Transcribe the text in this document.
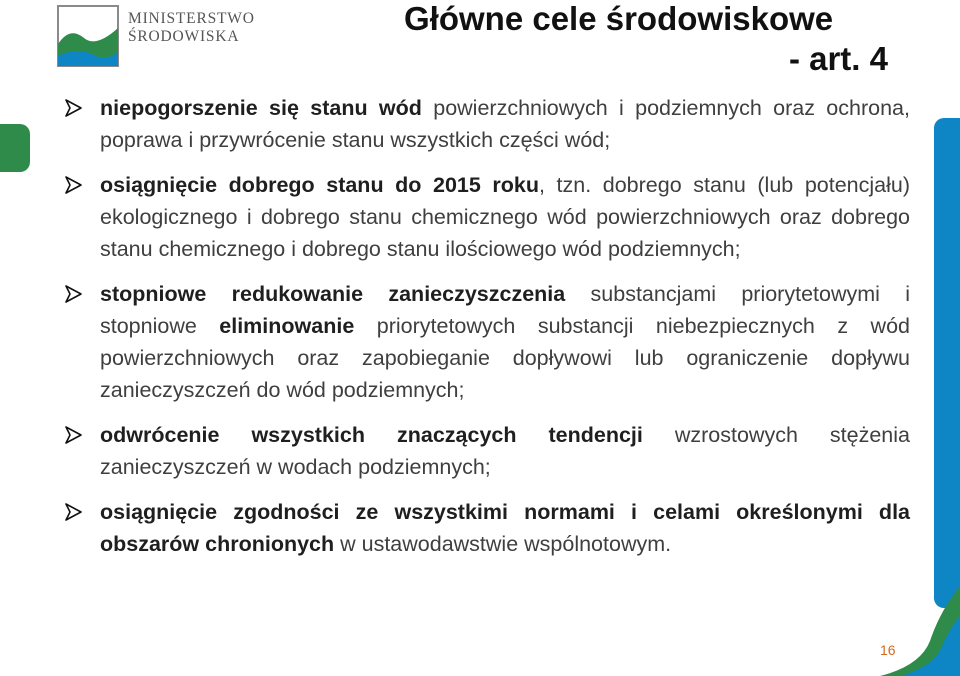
MINISTERSTWO
ŚRODOWISKA	Główne cele środowiskowe
- art. 4
niepogorszenie się stanu wód powierzchniowych i podziemnych oraz ochrona, poprawa i przywrócenie stanu wszystkich części wód;
osiągnięcie dobrego stanu do 2015 roku, tzn. dobrego stanu (lub potencjału) ekologicznego i dobrego stanu chemicznego wód powierzchniowych oraz dobrego stanu chemicznego i dobrego stanu ilościowego wód podziemnych;
stopniowe redukowanie zanieczyszczenia substancjami priorytetowymi i stopniowe eliminowanie priorytetowych substancji niebezpiecznych z wód powierzchniowych oraz zapobieganie dopływowi lub ograniczenie dopływu zanieczyszczeń do wód podziemnych;
odwrócenie wszystkich znaczących tendencji wzrostowych stężenia zanieczyszczeń w wodach podziemnych;
osiągnięcie zgodności ze wszystkimi normami i celami określonymi dla obszarów chronionych w ustawodawstwie wspólnotowym.
16
